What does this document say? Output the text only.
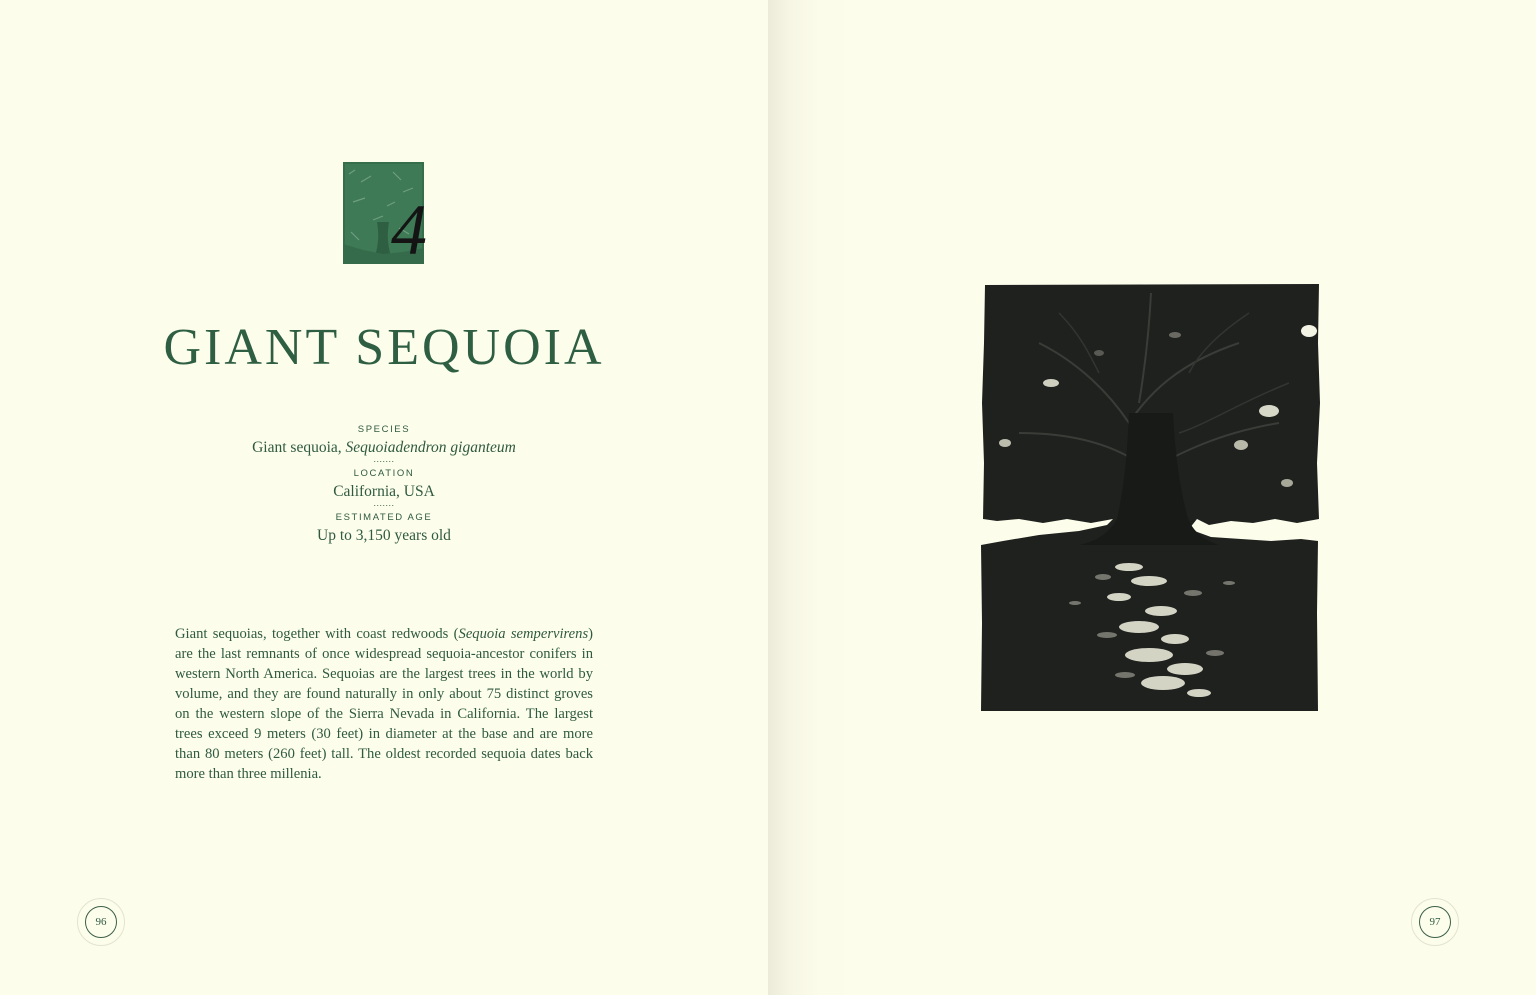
4
GIANT SEQUOIA
SPECIES
Giant sequoia, Sequoiadendron giganteum
.......
LOCATION
California, USA
.......
ESTIMATED AGE
Up to 3,150 years old

Giant sequoias, together with coast redwoods (Sequoia sempervirens) are the last remnants of once widespread sequoia-ancestor conifers in western North America. Sequoias are the largest trees in the world by volume, and they are found naturally in only about 75 distinct groves on the western slope of the Sierra Nevada in California. The largest trees exceed 9 meters (30 feet) in diameter at the base and are more than 80 meters (260 feet) tall. The oldest recorded sequoia dates back more than three millenia.

96	97
